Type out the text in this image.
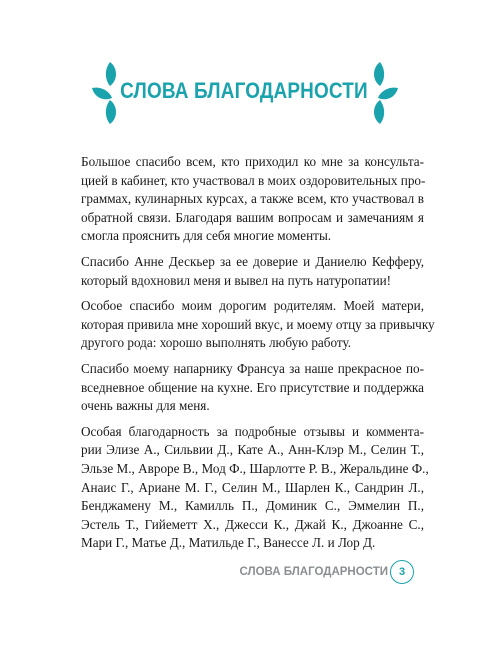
СЛОВА БЛАГОДАРНОСТИ

Большое спасибо всем, кто приходил ко мне за консульта-
цией в кабинет, кто участвовал в моих оздоровительных про-
граммах, кулинарных курсах, а также всем, кто участвовал в
обратной связи. Благодаря вашим вопросам и замечаниям я
смогла прояснить для себя многие моменты.

Спасибо Анне Дескьер за ее доверие и Даниелю Кефферу,
который вдохновил меня и вывел на путь натуропатии!

Особое спасибо моим дорогим родителям. Моей матери,
которая привила мне хороший вкус, и моему отцу за привычку
другого рода: хорошо выполнять любую работу.

Спасибо моему напарнику Франсуа за наше прекрасное по-
вседневное общение на кухне. Его присутствие и поддержка
очень важны для меня.

Особая благодарность за подробные отзывы и коммента-
рии Элизе А., Сильвии Д., Кате А., Анн-Клэр М., Селин Т.,
Эльзе М., Авроре В., Мод Ф., Шарлотте Р. В., Жеральдине Ф.,
Анаис Г., Ариане М. Г., Селин М., Шарлен К., Сандрин Л.,
Бенджамену М., Камилль П., Доминик С., Эммелин П.,
Эстель Т., Гийеметт Х., Джесси К., Джай К., Джоанне С.,
Мари Г., Матье Д., Матильде Г., Ванессе Л. и Лор Д.

СЛОВА БЛАГОДАРНОСТИ 3
